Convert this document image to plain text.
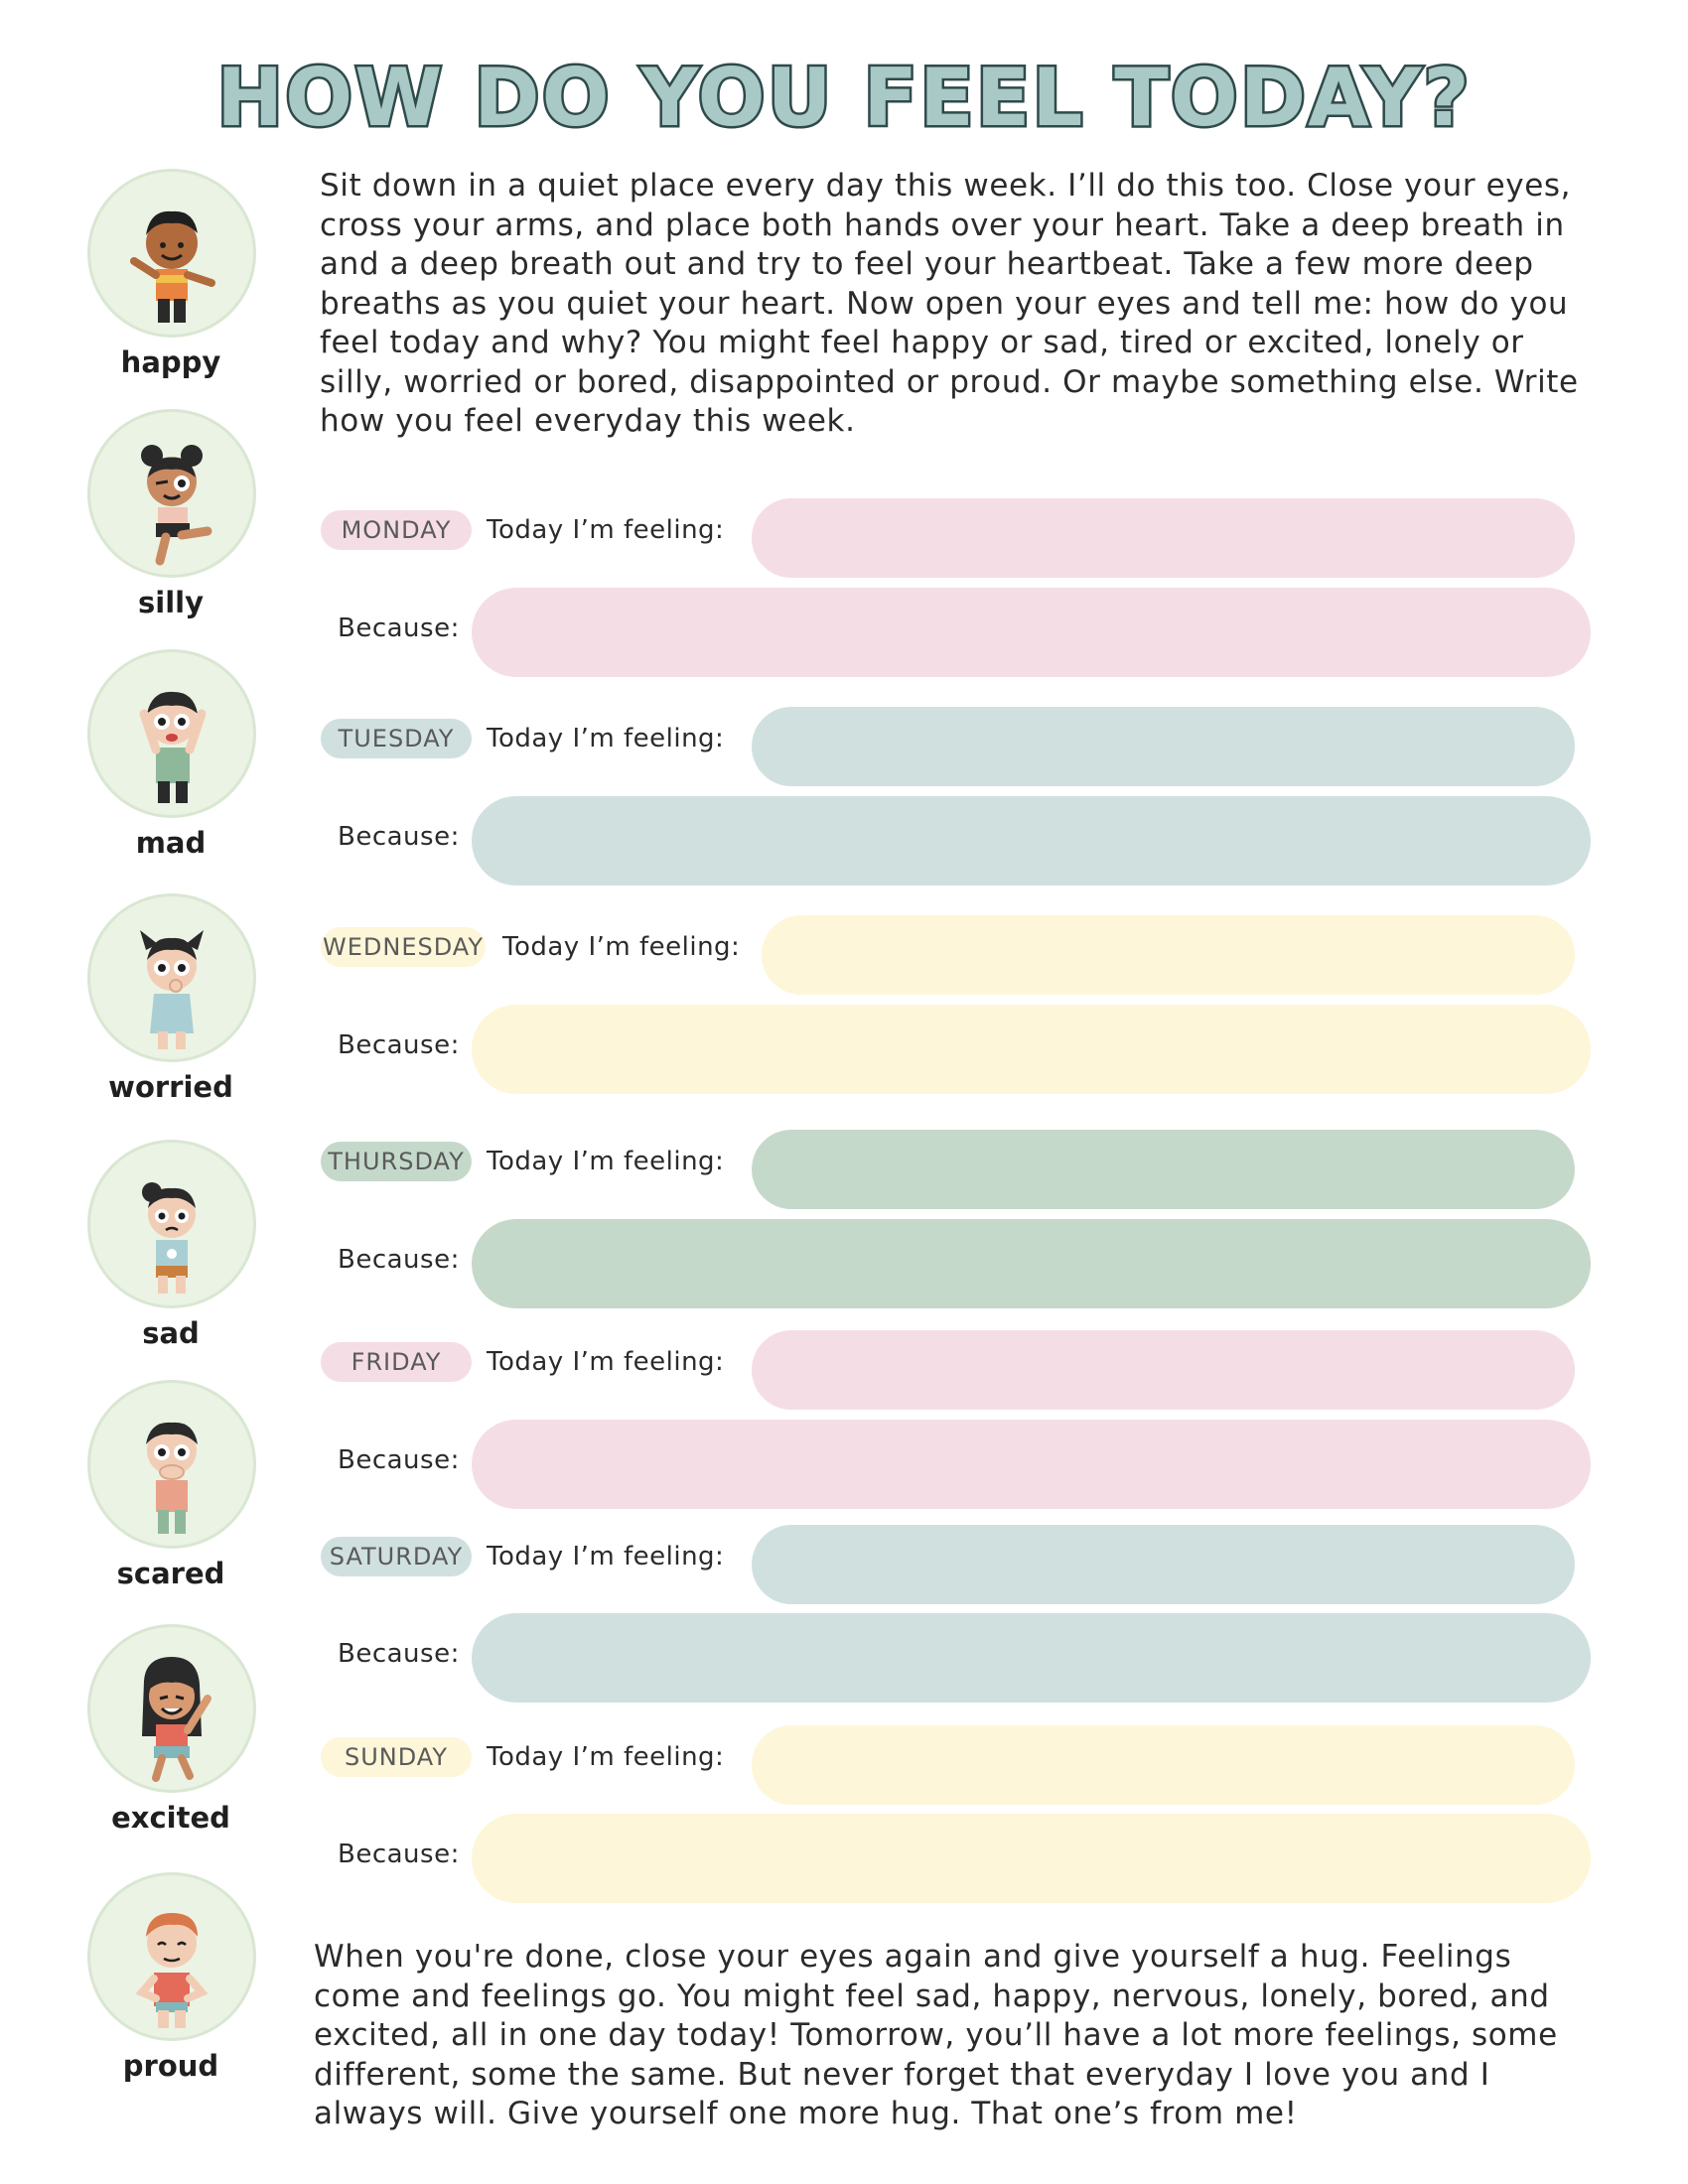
HOW DO YOU FEEL TODAY?
Sit down in a quiet place every day this week. I’ll do this too. Close your eyes, cross your arms, and place both hands over your heart. Take a deep breath in and a deep breath out and try to feel your heartbeat. Take a few more deep breaths as you quiet your heart. Now open your eyes and tell me: how do you feel today and why? You might feel happy or sad, tired or excited, lonely or silly, worried or bored, disappointed or proud. Or maybe something else. Write how you feel everyday this week.
happy
silly
mad
worried
sad
scared
excited
proud
MONDAY	Today I’m feeling:
Because:
TUESDAY	Today I’m feeling:
Because:
WEDNESDAY Today I’m feeling:
Because:
THURSDAY Today I’m feeling:
Because:
FRIDAY	Today I’m feeling:
Because:
SATURDAY Today I’m feeling:
Because:
SUNDAY	Today I’m feeling:
Because:
When you're done, close your eyes again and give yourself a hug. Feelings come and feelings go. You might feel sad, happy, nervous, lonely, bored, and excited, all in one day today! Tomorrow, you’ll have a lot more feelings, some different, some the same. But never forget that everyday I love you and I always will. Give yourself one more hug. That one’s from me!
